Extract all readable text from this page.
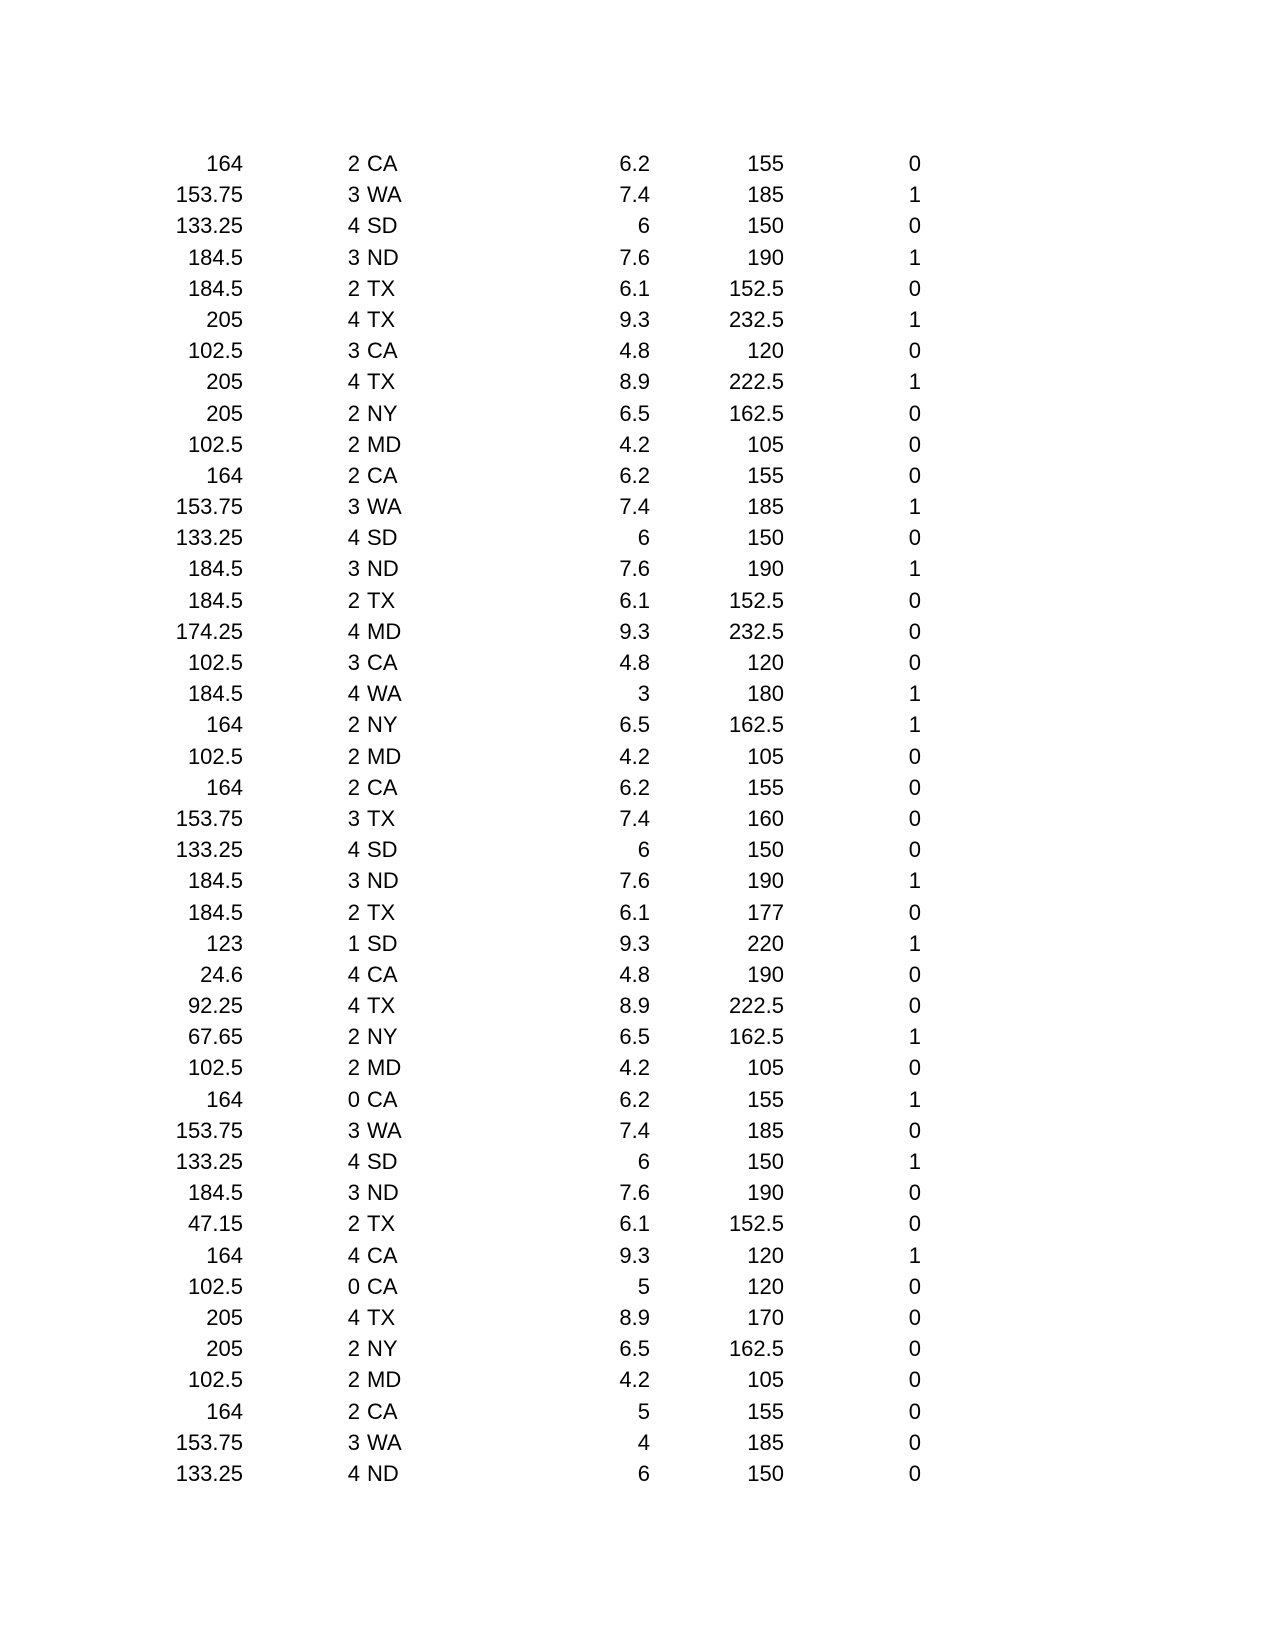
164	2 CA	6.2	155	0
153.75	3 WA	7.4	185	1
133.25	4 SD	6	150	0
184.5	3 ND	7.6	190	1
184.5	2 TX	6.1	152.5	0
205	4 TX	9.3	232.5	1
102.5	3 CA	4.8	120	0
205	4 TX	8.9	222.5	1
205	2 NY	6.5	162.5	0
102.5	2 MD	4.2	105	0
164	2 CA	6.2	155	0
153.75	3 WA	7.4	185	1
133.25	4 SD	6	150	0
184.5	3 ND	7.6	190	1
184.5	2 TX	6.1	152.5	0
174.25	4 MD	9.3	232.5	0
102.5	3 CA	4.8	120	0
184.5	4 WA	3	180	1
164	2 NY	6.5	162.5	1
102.5	2 MD	4.2	105	0
164	2 CA	6.2	155	0
153.75	3 TX	7.4	160	0
133.25	4 SD	6	150	0
184.5	3 ND	7.6	190	1
184.5	2 TX	6.1	177	0
123	1 SD	9.3	220	1
24.6	4 CA	4.8	190	0
92.25	4 TX	8.9	222.5	0
67.65	2 NY	6.5	162.5	1
102.5	2 MD	4.2	105	0
164	0 CA	6.2	155	1
153.75	3 WA	7.4	185	0
133.25	4 SD	6	150	1
184.5	3 ND	7.6	190	0
47.15	2 TX	6.1	152.5	0
164	4 CA	9.3	120	1
102.5	0 CA	5	120	0
205	4 TX	8.9	170	0
205	2 NY	6.5	162.5	0
102.5	2 MD	4.2	105	0
164	2 CA	5	155	0
153.75	3 WA	4	185	0
133.25	4 ND	6	150	0
